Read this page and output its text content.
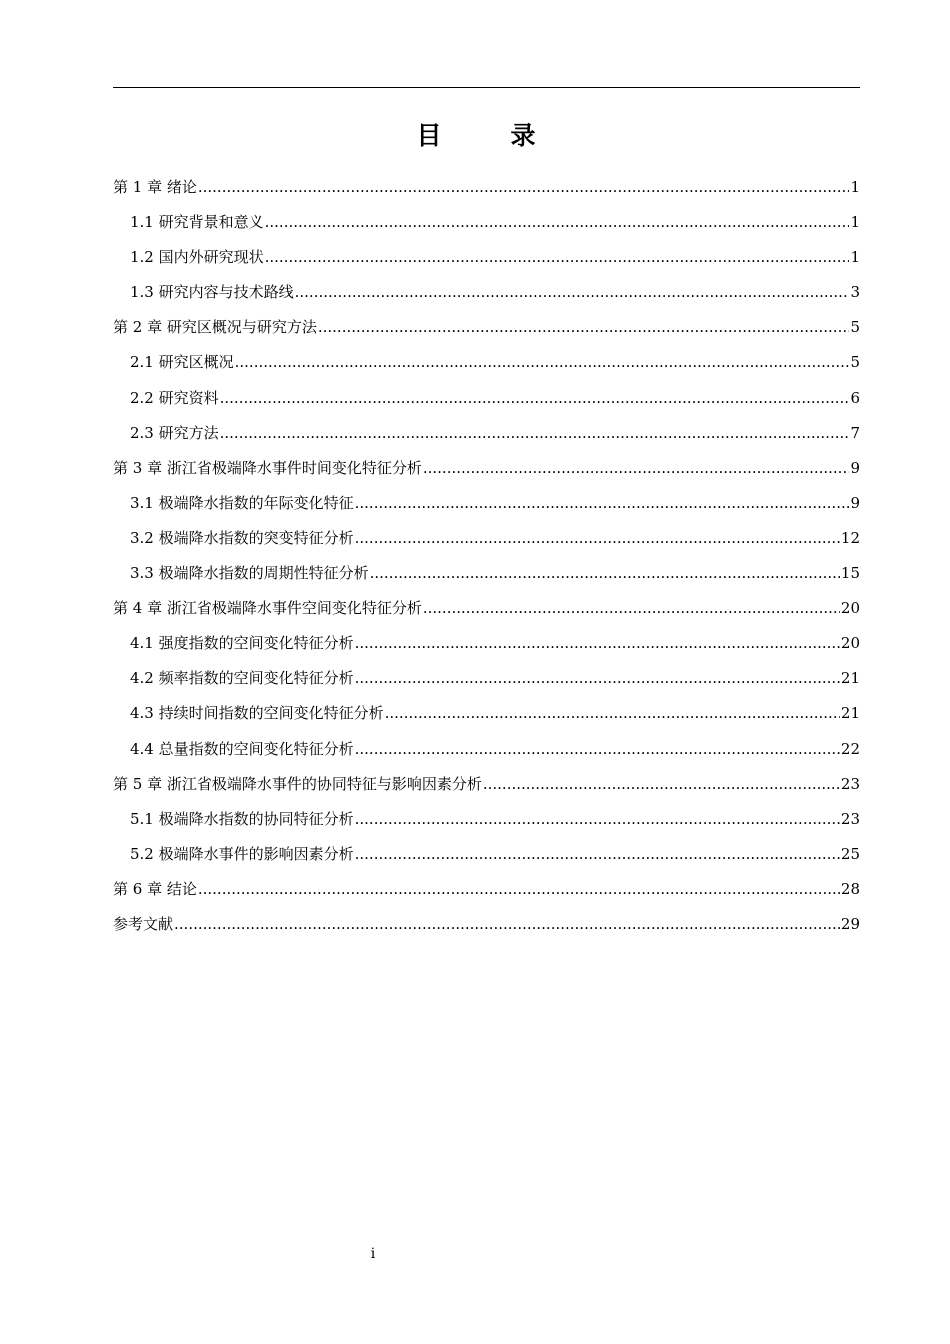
目　录
第 1 章 绪论 .....	1
1.1 研究背景和意义 .....	1
1.2 国内外研究现状 .....	1
1.3 研究内容与技术路线 .....	3
第 2 章 研究区概况与研究方法 .....	5
2.1 研究区概况 .....	5
2.2 研究资料 .....	6
2.3 研究方法 .....	7
第 3 章 浙江省极端降水事件时间变化特征分析 .....	9
3.1 极端降水指数的年际变化特征 .....	9
3.2 极端降水指数的突变特征分析 .....	12
3.3 极端降水指数的周期性特征分析 .....	15
第 4 章 浙江省极端降水事件空间变化特征分析 .....	20
4.1 强度指数的空间变化特征分析 .....	20
4.2 频率指数的空间变化特征分析 .....	21
4.3 持续时间指数的空间变化特征分析 .....	21
4.4 总量指数的空间变化特征分析 .....	22
第 5 章 浙江省极端降水事件的协同特征与影响因素分析 .....	23
5.1 极端降水指数的协同特征分析 .....	23
5.2 极端降水事件的影响因素分析 .....	25
第 6 章 结论 .....	28
参考文献 .....	29
i
